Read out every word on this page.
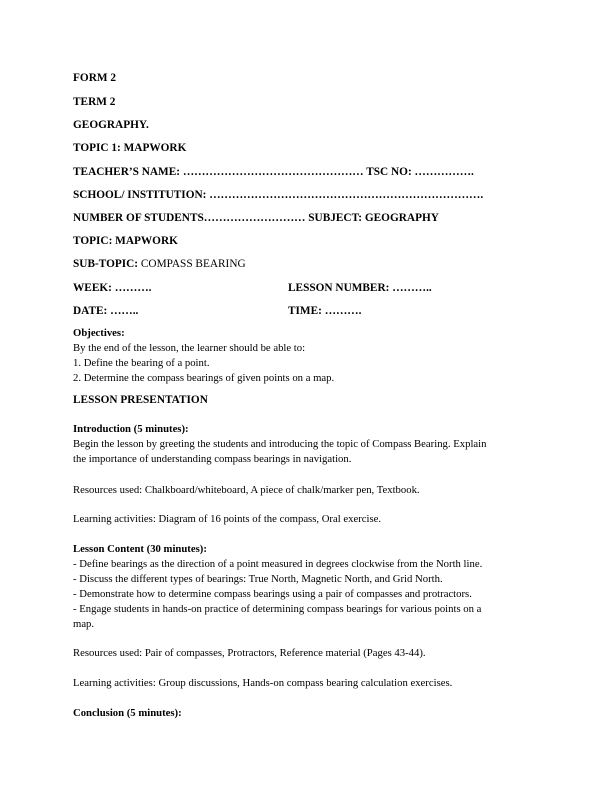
FORM 2
TERM 2
GEOGRAPHY.
TOPIC 1: MAPWORK
TEACHER’S NAME: ………………………………………… TSC NO: …………….
SCHOOL/ INSTITUTION: ……………………………………………………………….
NUMBER OF STUDENTS……………………… SUBJECT: GEOGRAPHY
TOPIC: MAPWORK
SUB-TOPIC: COMPASS BEARING
WEEK: ……….	LESSON NUMBER: ………..
DATE: ……..	TIME: ……….
Objectives:
By the end of the lesson, the learner should be able to:
1. Define the bearing of a point.
2. Determine the compass bearings of given points on a map.
LESSON PRESENTATION
Introduction (5 minutes):
Begin the lesson by greeting the students and introducing the topic of Compass Bearing. Explain
the importance of understanding compass bearings in navigation.
Resources used: Chalkboard/whiteboard, A piece of chalk/marker pen, Textbook.
Learning activities: Diagram of 16 points of the compass, Oral exercise.
Lesson Content (30 minutes):
- Define bearings as the direction of a point measured in degrees clockwise from the North line.
- Discuss the different types of bearings: True North, Magnetic North, and Grid North.
- Demonstrate how to determine compass bearings using a pair of compasses and protractors.
- Engage students in hands-on practice of determining compass bearings for various points on a
map.
Resources used: Pair of compasses, Protractors, Reference material (Pages 43-44).
Learning activities: Group discussions, Hands-on compass bearing calculation exercises.
Conclusion (5 minutes):
